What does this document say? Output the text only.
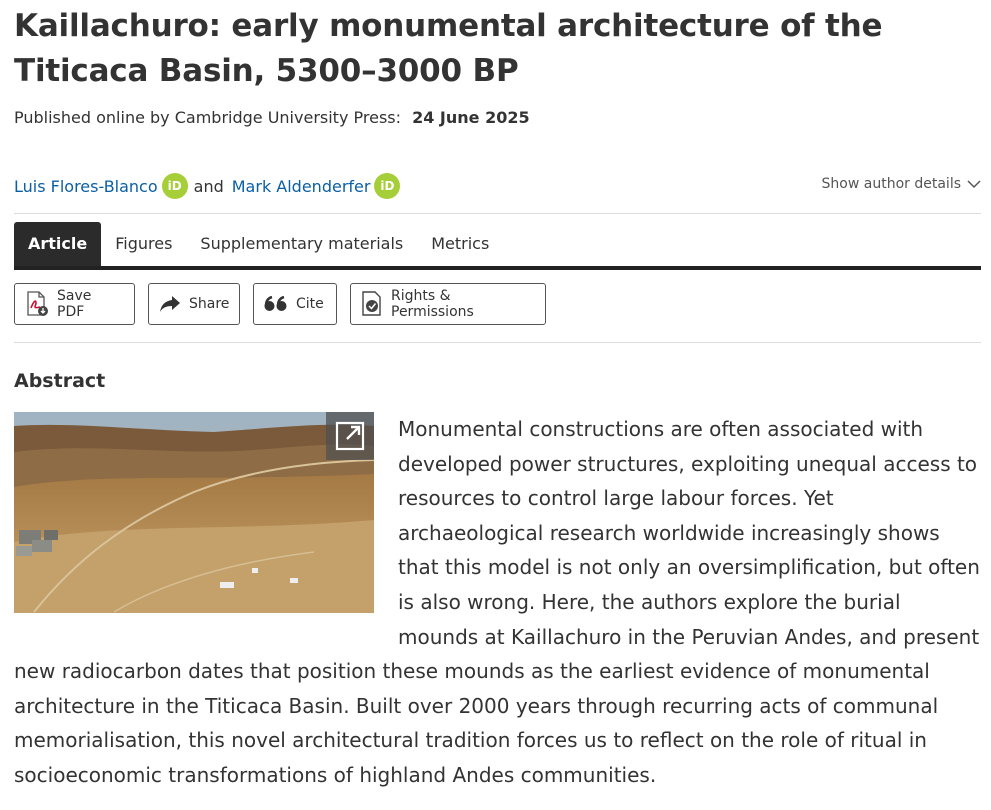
Kaillachuro: early monumental architecture of the Titicaca Basin, 5300–3000 BP
Published online by Cambridge University Press: 24 June 2025
Luis Flores-Blanco iD and Mark Aldenderfer iD	Show author details
Article	Figures	Supplementary materials	Metrics
Save PDF	Share	Cite	Rights & Permissions
Abstract
Monumental constructions are often associated with developed power structures, exploiting unequal access to resources to control large labour forces. Yet archaeological research worldwide increasingly shows that this model is not only an oversimplification, but often is also wrong. Here, the authors explore the burial mounds at Kaillachuro in the Peruvian Andes, and present new radiocarbon dates that position these mounds as the earliest evidence of monumental architecture in the Titicaca Basin. Built over 2000 years through recurring acts of communal memorialisation, this novel architectural tradition forces us to reflect on the role of ritual in socioeconomic transformations of highland Andes communities.
